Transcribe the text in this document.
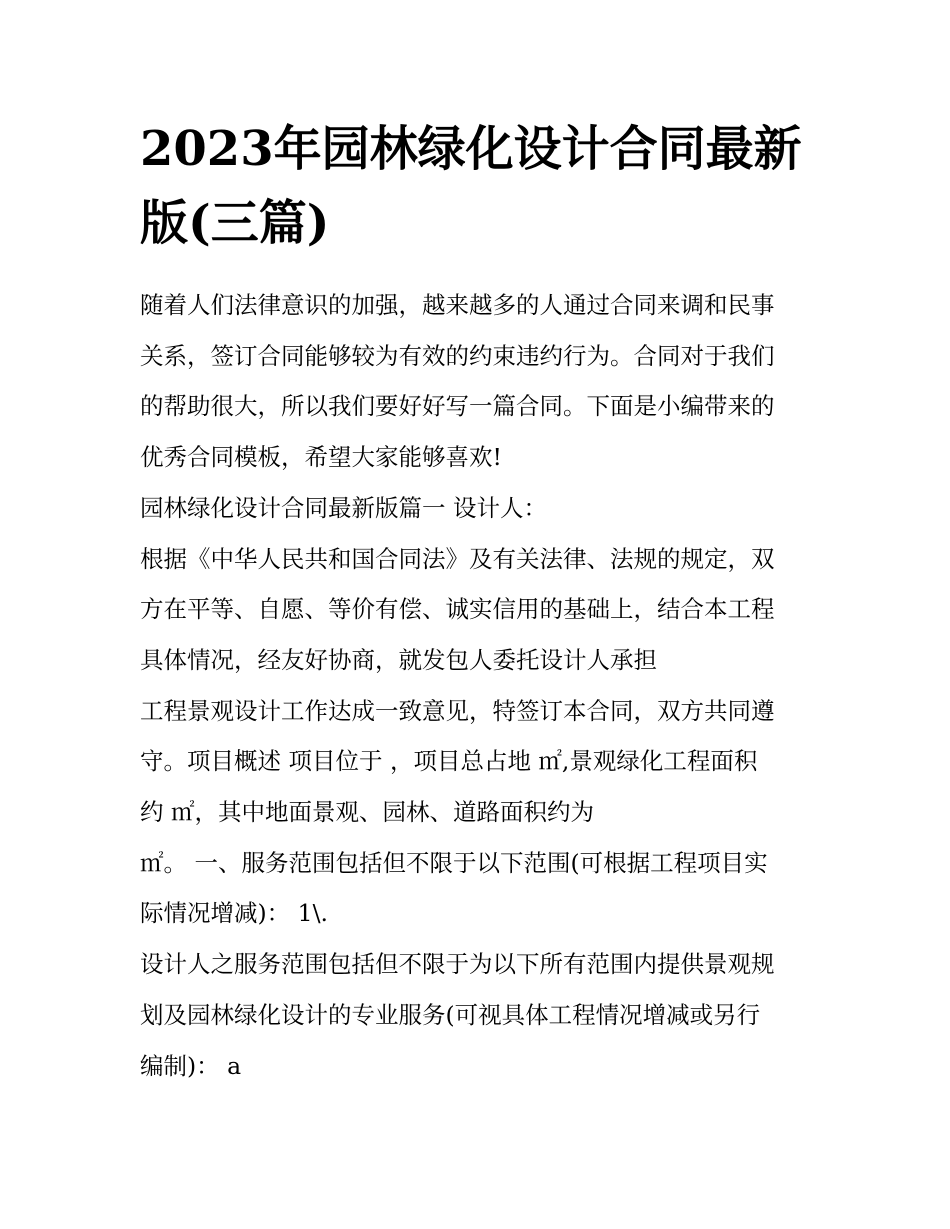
2023年园林绿化设计合同最新
版(三篇)

随着人们法律意识的加强，越来越多的人通过合同来调和民事
关系，签订合同能够较为有效的约束违约行为。合同对于我们
的帮助很大，所以我们要好好写一篇合同。下面是小编带来的
优秀合同模板，希望大家能够喜欢!

园林绿化设计合同最新版篇一 设计人：

根据《中华人民共和国合同法》及有关法律、法规的规定，双
方在平等、自愿、等价有偿、诚实信用的基础上，结合本工程
具体情况，经友好协商，就发包人委托设计人承担

工程景观设计工作达成一致意见，特签订本合同，双方共同遵
守。项目概述 项目位于 ，项目总占地 ㎡,景观绿化工程面积
约 ㎡，其中地面景观、园林、道路面积约为

㎡。 一、服务范围包括但不限于以下范围(可根据工程项目实
际情况增减)： 1\.

设计人之服务范围包括但不限于为以下所有范围内提供景观规
划及园林绿化设计的专业服务(可视具体工程情况增减或另行
编制)： a
